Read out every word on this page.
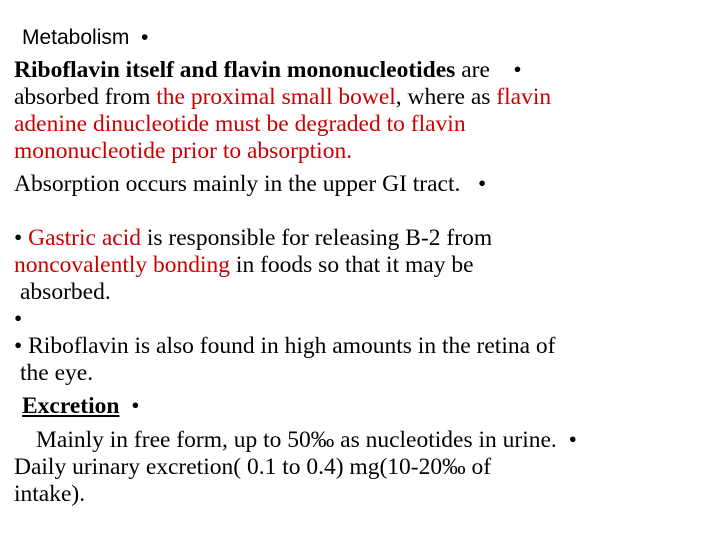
Metabolism •
Riboflavin itself and flavin mononucleotides are •
absorbed from the proximal small bowel, where as flavin
adenine dinucleotide must be degraded to flavin
mononucleotide prior to absorption.
Absorption occurs mainly in the upper GI tract. •
• Gastric acid is responsible for releasing B-2 from
noncovalently bonding in foods so that it may be
absorbed.
•
• Riboflavin is also found in high amounts in the retina of
the eye.
Excretion •
Mainly in free form, up to 50‰ as nucleotides in urine. •
Daily urinary excretion( 0.1 to 0.4) mg(10-20‰ of
intake).
